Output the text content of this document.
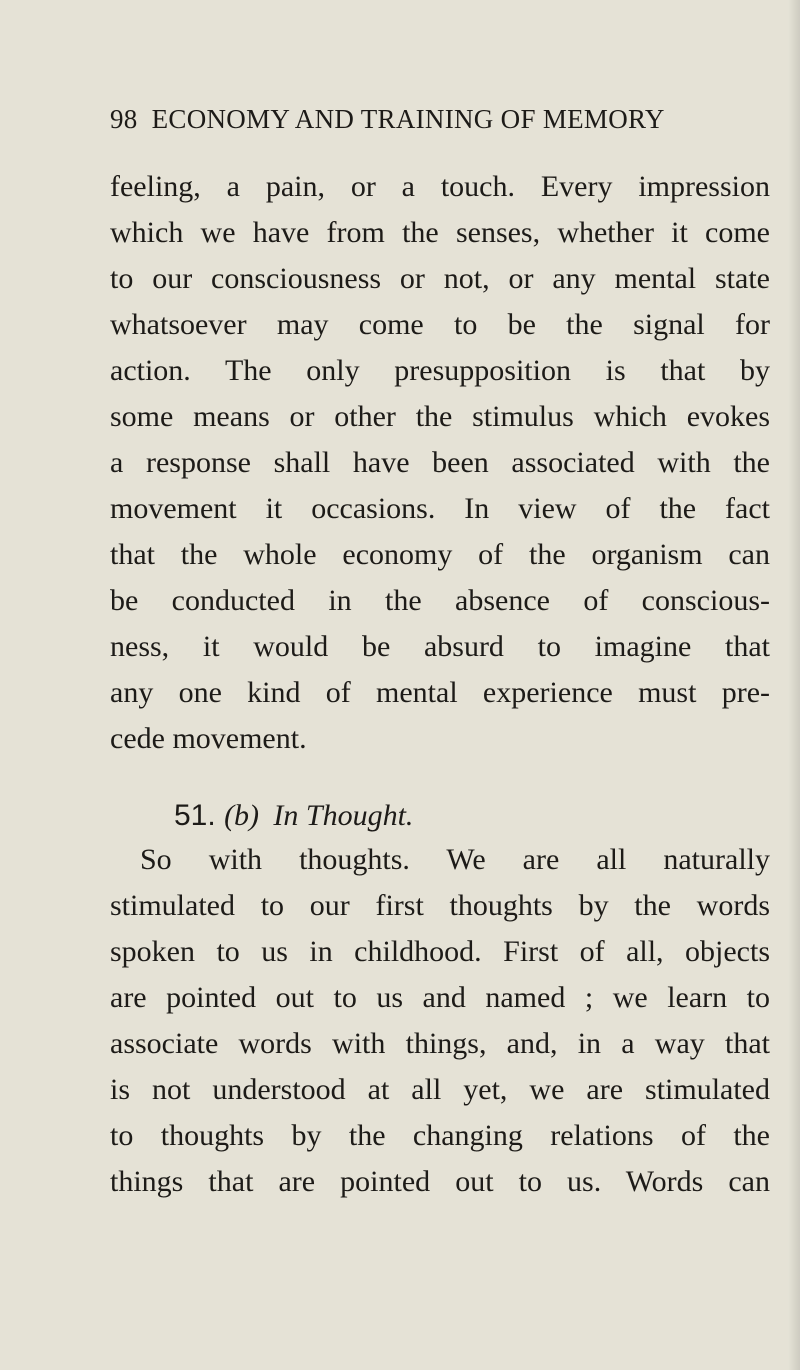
98 ECONOMY AND TRAINING OF MEMORY
feeling, a pain, or a touch. Every impression
which we have from the senses, whether it come
to our consciousness or not, or any mental state
whatsoever may come to be the signal for
action. The only presupposition is that by
some means or other the stimulus which evokes
a response shall have been associated with the
movement it occasions. In view of the fact
that the whole economy of the organism can
be conducted in the absence of conscious-
ness, it would be absurd to imagine that
any one kind of mental experience must pre-
cede movement.
51. (b) In Thought.
So with thoughts. We are all naturally
stimulated to our first thoughts by the words
spoken to us in childhood. First of all, objects
are pointed out to us and named ; we learn to
associate words with things, and, in a way that
is not understood at all yet, we are stimulated
to thoughts by the changing relations of the
things that are pointed out to us. Words can
